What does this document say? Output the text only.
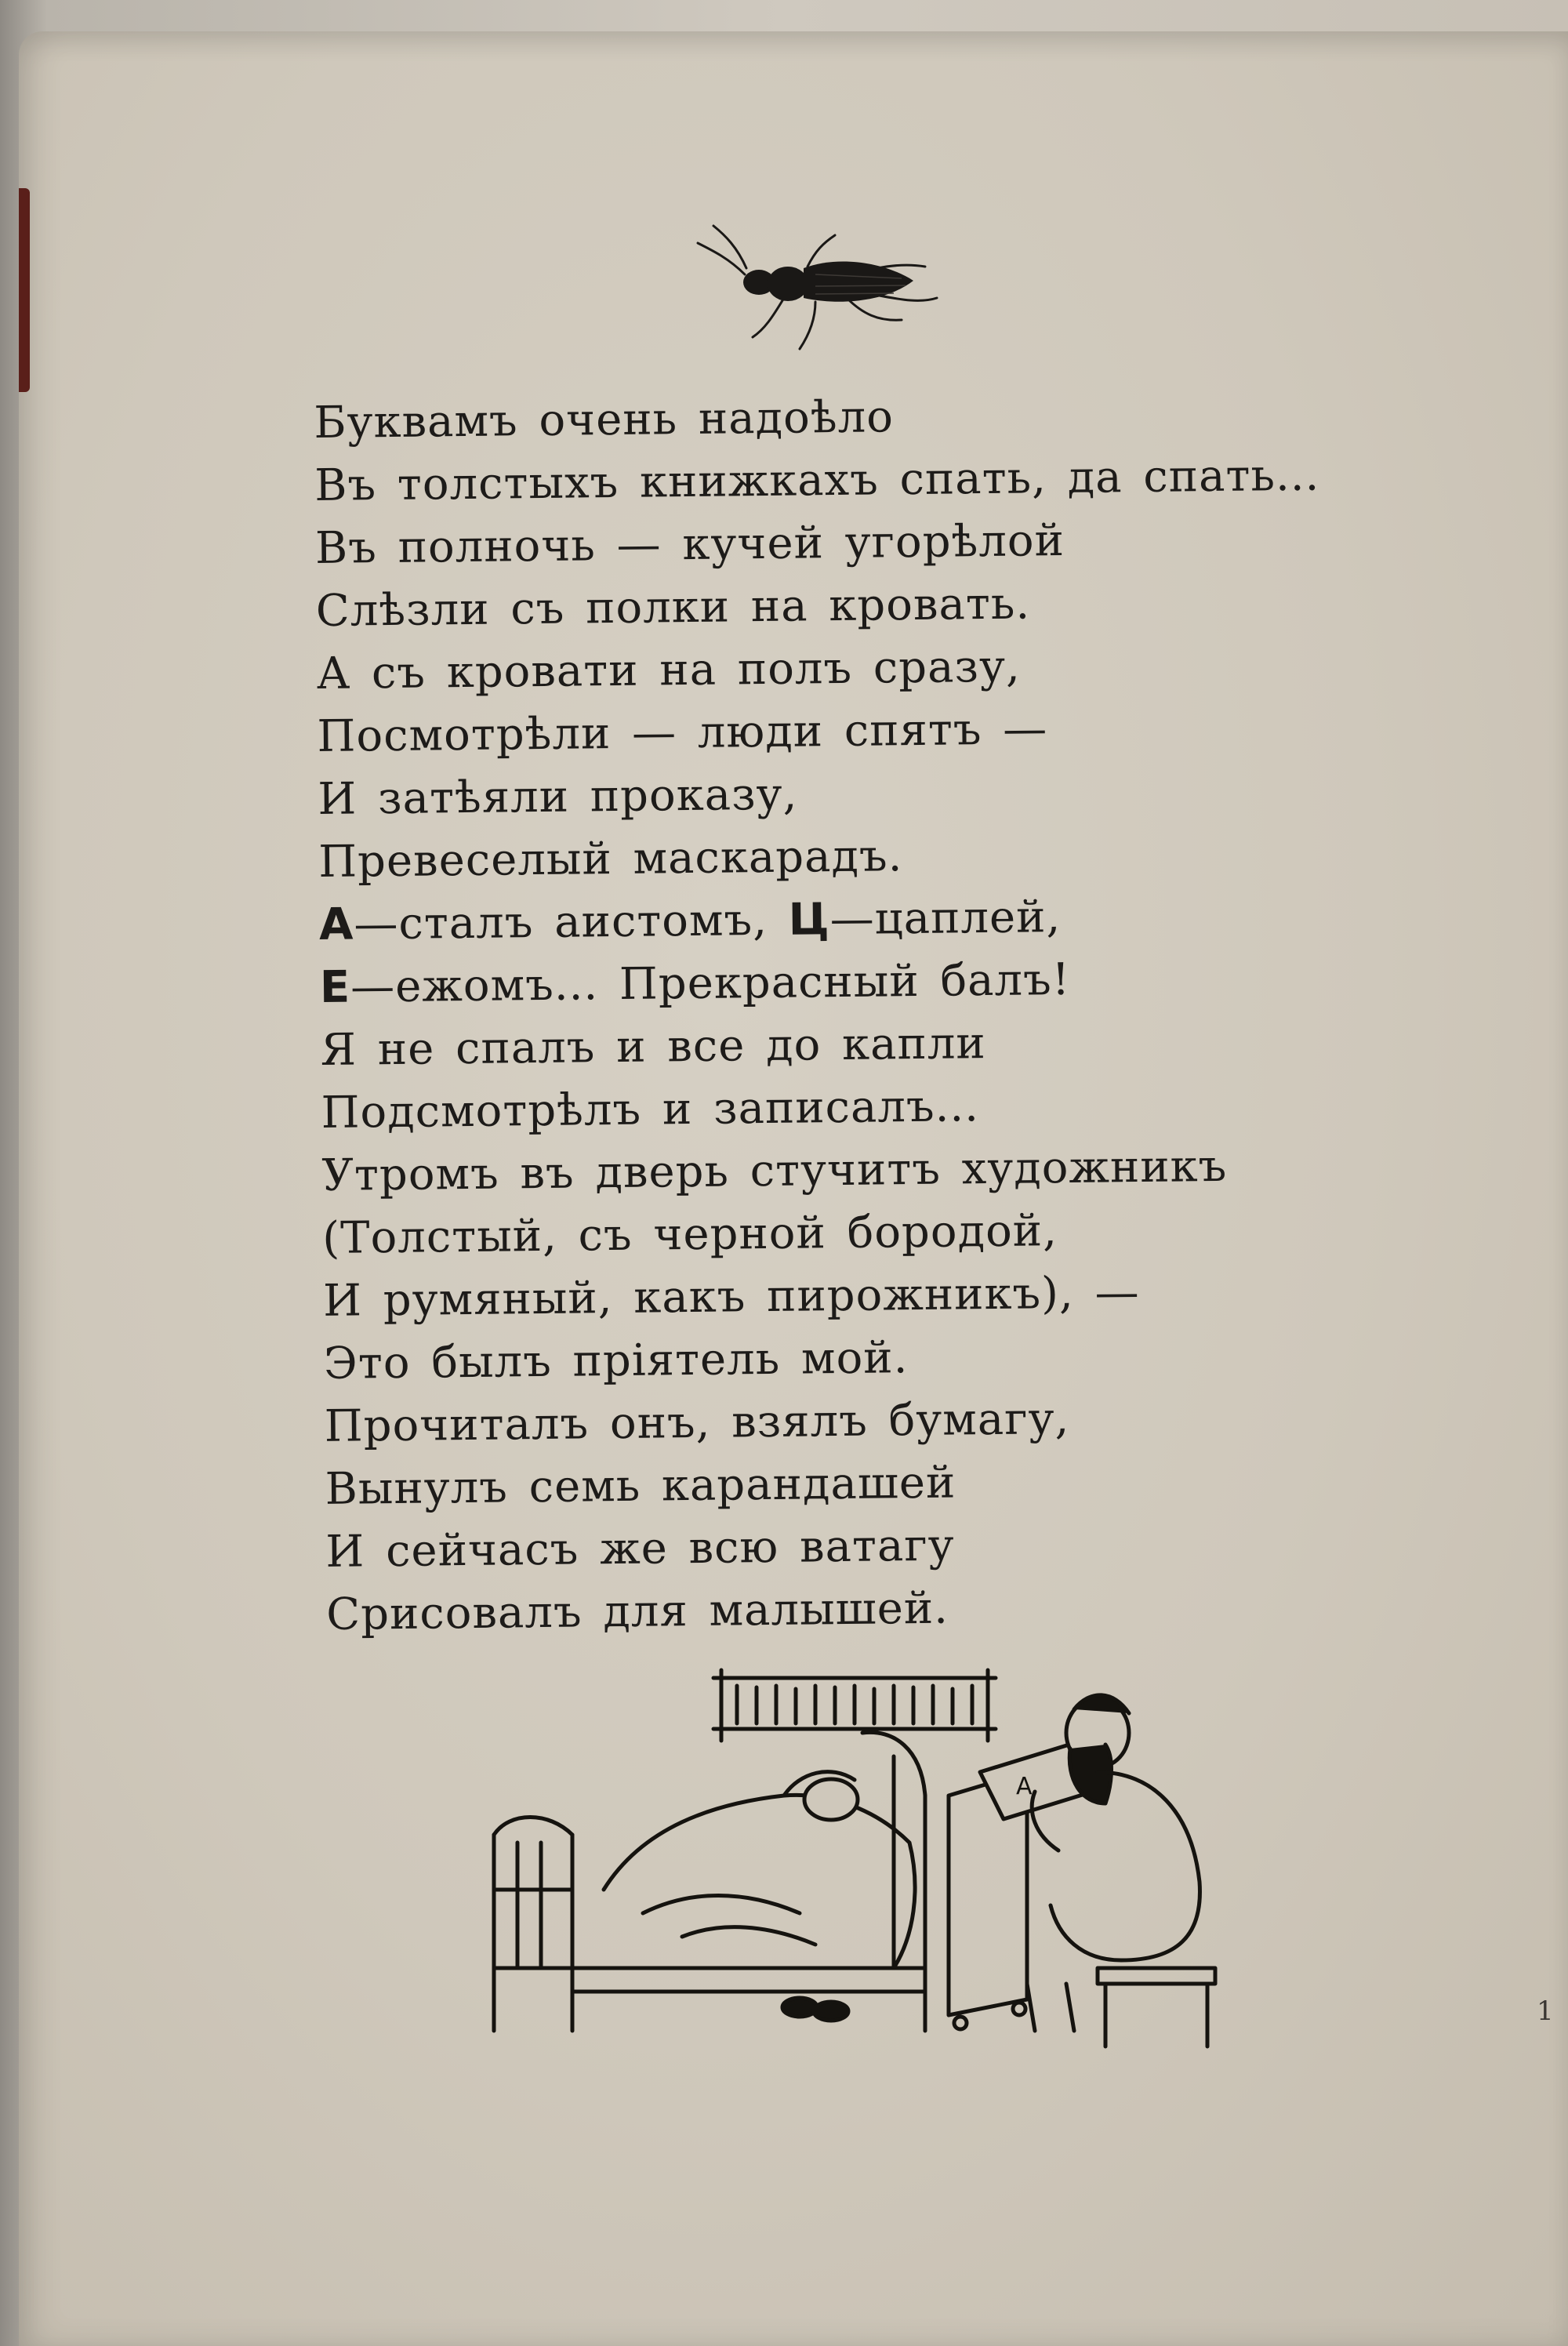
Буквамъ очень надоѣло
Въ толстыхъ книжкахъ спать, да спать...
Въ полночь — кучей угорѣлой
Слѣзли съ полки на кровать.
А съ кровати на полъ сразу,
Посмотрѣли — люди спятъ —
И затѣяли проказу,
Превеселый маскарадъ.
А—сталъ аистомъ, Ц—цаплей,
Е—ежомъ... Прекрасный балъ!
Я не спалъ и все до капли
Подсмотрѣлъ и записалъ...
Утромъ въ дверь стучитъ художникъ
(Толстый, съ черной бородой,
И румяный, какъ пирожникъ), —
Это былъ пріятель мой.
Прочиталъ онъ, взялъ бумагу,
Вынулъ семь карандашей
И сейчасъ же всю ватагу
Срисовалъ для малышей.
А
1
